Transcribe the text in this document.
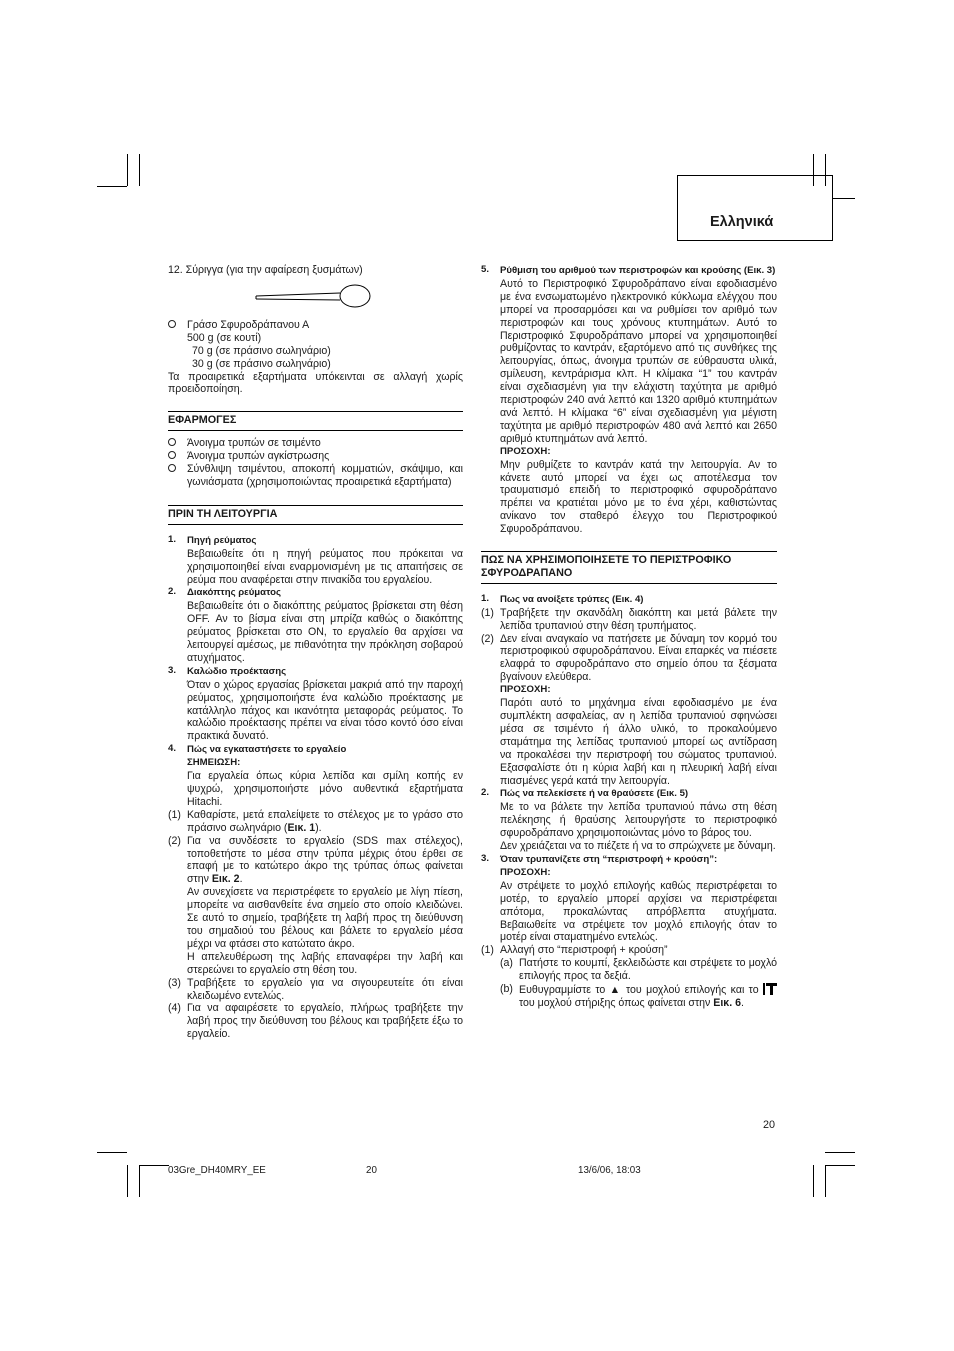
Ελληνικά

12. Σύριγγα (για την αφαίρεση ξυσμάτων)

Γράσο Σφυροδράπανου Α
500 g (σε κουτί)
70 g (σε πράσινο σωληνάριο)
30 g (σε πράσινο σωληνάριο)

Τα προαιρετικά εξαρτήματα υπόκεινται σε αλλαγή χωρίς προειδοποίηση.

ΕΦΑΡΜΟΓΕΣ
Άνοιγμα τρυπών σε τσιμέντο
Άνοιγμα τρυπών αγκίστρωσης
Σύνθλιψη τσιμέντου, αποκοπή κομματιών, σκάψιμο, και γωνιάσματα (χρησιμοποιώντας προαιρετικά εξαρτήματα)
ΠΡΙΝ ΤΗ ΛΕΙΤΟΥΡΓΙΑ
1. Πηγή ρεύματος
Βεβαιωθείτε ότι η πηγή ρεύματος που πρόκειται να χρησιμοποιηθεί είναι εναρμονισμένη με τις απαιτήσεις σε ρεύμα που αναφέρεται στην πινακίδα του εργαλείου.
2. Διακόπτης ρεύματος
Βεβαιωθείτε ότι ο διακόπτης ρεύματος βρίσκεται στη θέση OFF. Αν το βίσμα είναι στη μπρίζα καθώς ο διακόπτης ρεύματος βρίσκεται στο ON, το εργαλείο θα αρχίσει να λειτουργεί αμέσως, με πιθανότητα την πρόκληση σοβαρού ατυχήματος.
3. Καλώδιο προέκτασης
Όταν ο χώρος εργασίας βρίσκεται μακριά από την παροχή ρεύματος, χρησιμοποιήστε ένα καλώδιο προέκτασης με κατάλληλο πάχος και ικανότητα μεταφοράς ρεύματος. Το καλώδιο προέκτασης πρέπει να είναι τόσο κοντό όσο είναι πρακτικά δυνατό.
4. Πώς να εγκαταστήσετε το εργαλείο
ΣΗΜΕΙΩΣΗ:
Για εργαλεία όπως κύρια λεπίδα και σμίλη κοπής εν ψυχρώ, χρησιμοποιήστε μόνο αυθεντικά εξαρτήματα Hitachi.
(1) Καθαρίστε, μετά επαλείψετε το στέλεχος με το γράσο στο πράσινο σωληνάριο (Εικ. 1).
(2) Για να συνδέσετε το εργαλείο (SDS max στέλεχος), τοποθετήστε το μέσα στην τρύπα μέχρις ότου έρθει σε επαφή με το κατώτερο άκρο της τρύπας όπως φαίνεται στην Εικ. 2.
Αν συνεχίσετε να περιστρέφετε το εργαλείο με λίγη πίεση, μπορείτε να αισθανθείτε ένα σημείο στο οποίο κλειδώνει. Σε αυτό το σημείο, τραβήξετε τη λαβή προς τη διεύθυνση του σημαδιού του βέλους και βάλετε το εργαλείο μέσα μέχρι να φτάσει στο κατώτατο άκρο.
Η απελευθέρωση της λαβής επαναφέρει την λαβή και στερεώνει το εργαλείο στη θέση του.
(3) Τραβήξετε το εργαλείο για να σιγουρευτείτε ότι είναι κλειδωμένο εντελώς.
(4) Για να αφαιρέσετε το εργαλείο, πλήρως τραβήξετε την λαβή προς την διεύθυνση του βέλους και τραβήξετε έξω το εργαλείο.
5. Ρύθμιση του αριθμού των περιστροφών και κρούσης (Εικ. 3)
Αυτό το Περιστροφικό Σφυροδράπανο είναι εφοδιασμένο με ένα ενσωματωμένο ηλεκτρονικό κύκλωμα ελέγχου που μπορεί να προσαρμόσει και να ρυθμίσει τον αριθμό των περιστροφών και τους χρόνους κτυπημάτων. Αυτό το Περιστροφικό Σφυροδράπανο μπορεί να χρησιμοποιηθεί ρυθμίζοντας το καντράν, εξαρτόμενο από τις συνθήκες της λειτουργίας, όπως, άνοιγμα τρυπών σε εύθραυστα υλικά, σμίλευση, κεντράρισμα κλπ. Η κλίμακα “1” του καντράν είναι σχεδιασμένη για την ελάχιστη ταχύτητα με αριθμό περιστροφών 240 ανά λεπτό και 1320 αριθμό κτυπημάτων ανά λεπτό. Η κλίμακα “6” είναι σχεδιασμένη για μέγιστη ταχύτητα με αριθμό περιστροφών 480 ανά λεπτό και 2650 αριθμό κτυπημάτων ανά λεπτό.
ΠΡΟΣΟΧΗ:
Μην ρυθμίζετε το καντράν κατά την λειτουργία. Αν το κάνετε αυτό μπορεί να έχει ως αποτέλεσμα τον τραυματισμό επειδή το περιστροφικό σφυροδράπανο πρέπει να κρατιέται μόνο με το ένα χέρι, καθιστώντας ανίκανο τον σταθερό έλεγχο του Περιστροφικού Σφυροδράπανου.
ΠΩΣ ΝΑ ΧΡΗΣΙΜΟΠΟΙΗΣΕΤΕ ΤΟ ΠΕΡΙΣΤΡΟΦΙΚΟ ΣΦΥΡΟΔΡΑΠΑΝΟ
1. Πως να ανοίξετε τρύπες (Εικ. 4)
(1) Τραβήξετε την σκανδάλη διακόπτη και μετά βάλετε την λεπίδα τρυπανιού στην θέση τρυπήματος.
(2) Δεν είναι αναγκαίο να πατήσετε με δύναμη τον κορμό του περιστροφικού σφυροδράπανου. Είναι επαρκές να πιέσετε ελαφρά το σφυροδράπανο στο σημείο όπου τα ξέσματα βγαίνουν ελεύθερα.
ΠΡΟΣΟΧΗ:
Παρότι αυτό το μηχάνημα είναι εφοδιασμένο με ένα συμπλέκτη ασφαλείας, αν η λεπίδα τρυπανιού σφηνώσει μέσα σε τσιμέντο ή άλλο υλικό, το προκαλούμενο σταμάτημα της λεπίδας τρυπανιού μπορεί ως αντίδραση να προκαλέσει την περιστροφή του σώματος τρυπανιού. Εξασφαλίστε ότι η κύρια λαβή και η πλευρική λαβή είναι πιασμένες γερά κατά την λειτουργία.
2. Πώς να πελεκίσετε ή να θραύσετε (Εικ. 5)
Με το να βάλετε την λεπίδα τρυπανιού πάνω στη θέση πελέκησης ή θραύσης λειτουργήστε το περιστροφικό σφυροδράπανο χρησιμοποιώντας μόνο το βάρος του.
Δεν χρειάζεται να το πιέζετε ή να το σπρώχνετε με δύναμη.
3. Όταν τρυπανίζετε στη “περιστροφή + κρούση”:
ΠΡΟΣΟΧΗ:
Αν στρέψετε το μοχλό επιλογής καθώς περιστρέφεται το μοτέρ, το εργαλείο μπορεί αρχίσει να περιστρέφεται απότομα, προκαλώντας απρόβλεπτα ατυχήματα. Βεβαιωθείτε να στρέψετε τον μοχλό επιλογής όταν το μοτέρ είναι σταματημένο εντελώς.
(1) Αλλαγή στο “περιστροφή + κρούση”
(a) Πατήστε το κουμπί, ξεκλειδώστε και στρέψετε το μοχλό επιλογής προς τα δεξιά.
(b) Ευθυγραμμίστε το ▲ του μοχλού επιλογής και το  του μοχλού στήριξης όπως φαίνεται στην Εικ. 6.
20
03Gre_DH40MRY_EE	20	13/6/06, 18:03
